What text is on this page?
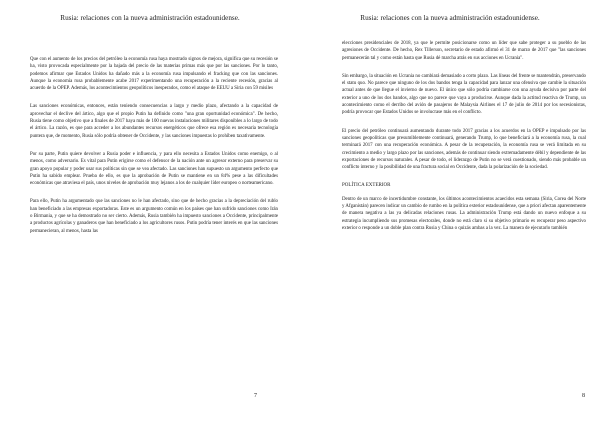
Rusia: relaciones con la nueva administración estadounidense.

Que con el aumento de los precios del petróleo la economía rusa haya mostrado signos de mejora, significa que su recesión se ha, visto provocada especialmente por la bajada del precio de las materias primas más que por las sanciones. Por lo tanto, podemos afirmar que Estados Unidos ha dañado más a la economía rusa impulsando el fracking que con las sanciones. Aunque la economía rusa probablemente acabe 2017 experimentando una recuperación a la reciente recesión, gracias al acuerdo de la OPEP. Además, los acontecimientos geopolíticos inesperados, como el ataque de EEUU a Siria con 59 misiles

Las sanciones económicas, entonces, están teniendo consecuencias a largo y medio plazo, afectando a la capacidad de aprovechar el declive del ártico, algo que el propio Putin ha definido como "una gran oportunidad económica". De hecho, Rusia tiene como objetivo que a finales de 2017 haya más de 100 nuevas instalaciones militares disponibles a lo largo de todo el ártico. La razón, es que para acceder a los abundantes recursos energéticos que ofrece esa región es necesaria tecnología puntera que, de momento, Rusia sólo podría obtener de Occidente, y las sanciones impuestas lo prohíben taxativamente.

Por su parte, Putin quiere devolver a Rusia poder e influencia, y para ello necesita a Estados Unidos como enemigo, o al menos, como adversario. Es vital para Putin erigirse como el defensor de la nación ante un agresor externo para preservar su gran apoyo popular y poder usar sus políticas sin que se vea afectado. Las sanciones han supuesto un argumento perfecto que Putin ha sabido emplear. Prueba de ello, es que la aprobación de Putin se mantiene en un 84% pese a las dificultades económicas que atraviesa el país, unos niveles de aprobación muy lejanos a los de cualquier líder europeo o norteamericano.

Para ello, Putin ha argumentado que las sanciones no le han afectado, sino que de hecho gracias a la depreciación del rublo han beneficiado a las empresas exportadoras. Este es un argumento común en los países que han sufrido sanciones como Irán o Birmania, y que se ha demostrado no ser cierto. Además, Rusia también ha impuesto sanciones a Occidente, principalmente a productos agrícolas y ganaderos que han beneficiado a los agricultores rusos. Putin podría tener interés en que las sanciones permanecieran, al menos, hasta las

7
Rusia: relaciones con la nueva administración estadounidense.

elecciones presidenciales de 2018, ya que le permite posicionarse como un líder que sabe proteger a su pueblo de las agresiones de Occidente. De hecho, Rex Tillerson, secretario de estado afirmó el 31 de marzo de 2017 que "las sanciones permanecerán tal y como están hasta que Rusia dé marcha atrás en sus acciones en Ucrania".

Sin embargo, la situación en Ucrania no cambiará demasiado a corto plazo. Las líneas del frente se mantendrán, preservando el statu quo. No parece que ninguno de los dos bandos tenga la capacidad para lanzar una ofensiva que cambie la situación actual antes de que llegue el invierno de nuevo. El único que sólo podría cambiarse con una ayuda decisiva por parte del exterior a uno de los dos bandos, algo que no parece que vaya a producirse. Aunque dada la actitud reactiva de Trump, un acontecimiento como el derribo del avión de pasajeros de Malaysia Airlines el 17 de julio de 2014 por los secesionistas, podría provocar que Estados Unidos se involucrase más en el conflicto.

El precio del petróleo continuará aumentando durante todo 2017 gracias a los acuerdos en la OPEP e impulsado por las sanciones geopolíticas que presumiblemente continuará, generando Trump, lo que beneficiará a la economía rusa, la cual terminará 2017 con una recuperación económica. A pesar de la recuperación, la economía rusa se verá limitada en su crecimiento a medio y largo plazo por las sanciones, además de continuar siendo extremadamente débil y dependiente de las exportaciones de recursos naturales. A pesar de todo, el liderazgo de Putin no se verá cuestionado, siendo más probable un conflicto interno y la posibilidad de una fractura social en Occidente, dada la polarización de la sociedad.

POLÍTICA EXTERIOR

Dentro de un marco de incertidumbre constante, los últimos acontecimientos acaecidos esta semana (Siria, Corea del Norte y Afganistán) parecen indicar un cambio de rumbo en la política exterior estadounidense, que a priori afectan aparentemente de manera negativa a las ya delicadas relaciones rusas. La administración Trump está dando un nuevo enfoque a su estrategia incumpliendo sus promesas electorales, donde no está claro si su objetivo primario es recuperar peso aspectivo exterior o responde a un doble plan contra Rusia y China o quizás ambas a la vez. La manera de ejecutarlo también

8
